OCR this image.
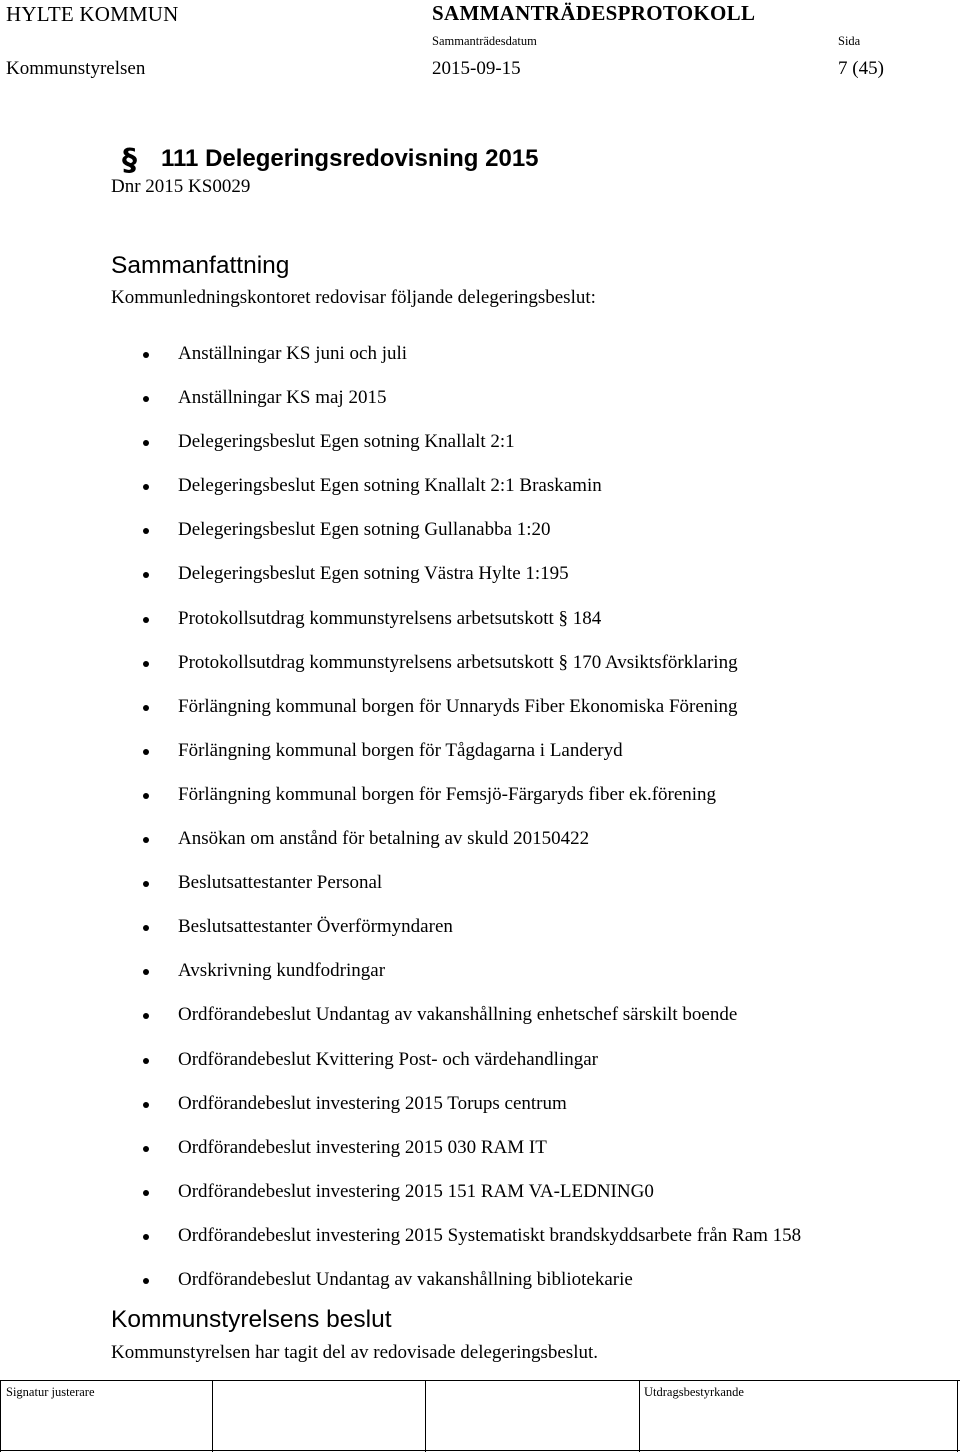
HYLTE KOMMUN	SAMMANTRÄDESPROTOKOLL
Sammanträdesdatum	Sida
Kommunstyrelsen	2015-09-15	7 (45)
§ 111 Delegeringsredovisning 2015
Dnr 2015 KS0029
Sammanfattning
Kommunledningskontoret redovisar följande delegeringsbeslut:
Anställningar KS juni och juli
Anställningar KS maj 2015
Delegeringsbeslut Egen sotning Knallalt 2:1
Delegeringsbeslut Egen sotning Knallalt 2:1 Braskamin
Delegeringsbeslut Egen sotning Gullanabba 1:20
Delegeringsbeslut Egen sotning Västra Hylte 1:195
Protokollsutdrag kommunstyrelsens arbetsutskott § 184
Protokollsutdrag kommunstyrelsens arbetsutskott § 170 Avsiktsförklaring
Förlängning kommunal borgen för Unnaryds Fiber Ekonomiska Förening
Förlängning kommunal borgen för Tågdagarna i Landeryd
Förlängning kommunal borgen för Femsjö-Färgaryds fiber ek.förening
Ansökan om anstånd för betalning av skuld 20150422
Beslutsattestanter Personal
Beslutsattestanter Överförmyndaren
Avskrivning kundfodringar
Ordförandebeslut Undantag av vakanshållning enhetschef särskilt boende
Ordförandebeslut Kvittering Post- och värdehandlingar
Ordförandebeslut investering 2015 Torups centrum
Ordförandebeslut investering 2015 030 RAM IT
Ordförandebeslut investering 2015 151 RAM VA-LEDNING0
Ordförandebeslut investering 2015 Systematiskt brandskyddsarbete från Ram 158
Ordförandebeslut Undantag av vakanshållning bibliotekarie
Kommunstyrelsens beslut
Kommunstyrelsen har tagit del av redovisade delegeringsbeslut.
Signatur justerare	Utdragsbestyrkande
